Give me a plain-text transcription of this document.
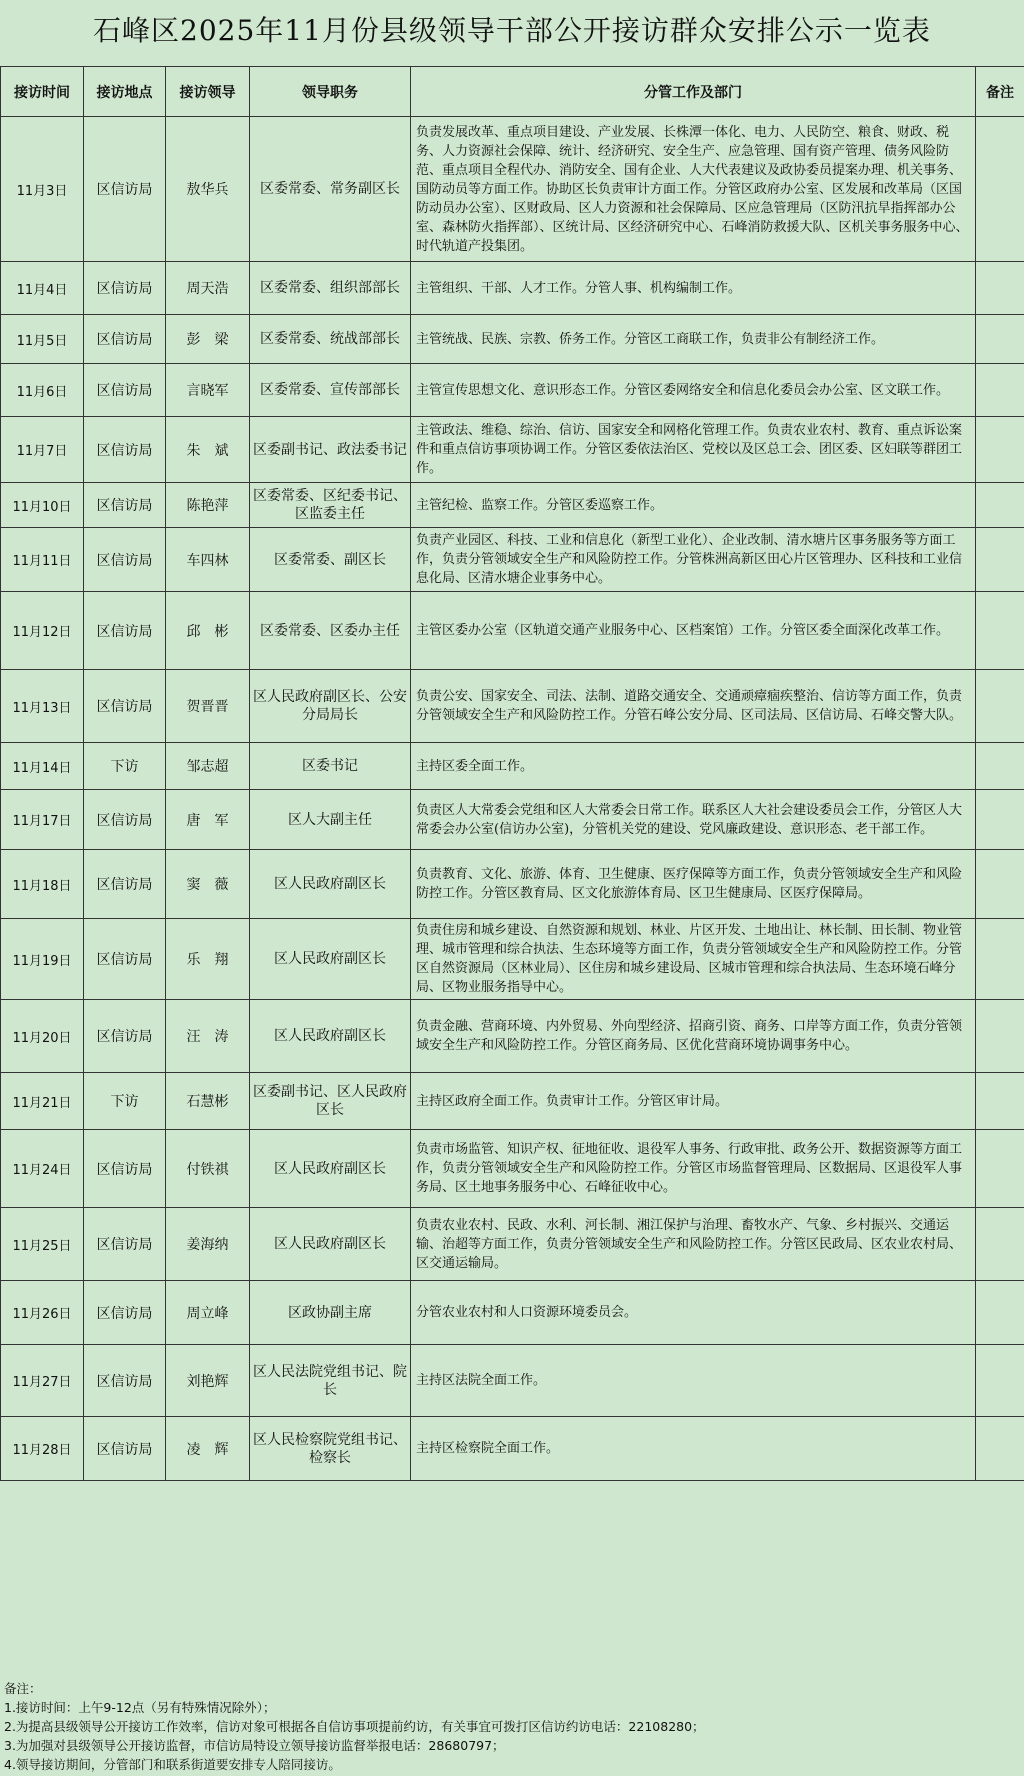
石峰区2025年11月份县级领导干部公开接访群众安排公示一览表
接访时间	接访地点	接访领导	领导职务	分管工作及部门	备注
11月3日	区信访局	敖华兵	区委常委、常务副区长	负责发展改革、重点项目建设、产业发展、长株潭一体化、电力、人民防空、粮食、财政、税务、人力资源社会保障、统计、经济研究、安全生产、应急管理、国有资产管理、债务风险防范、重点项目全程代办、消防安全、国有企业、人大代表建议及政协委员提案办理、机关事务、国防动员等方面工作。协助区长负责审计方面工作。分管区政府办公室、区发展和改革局（区国防动员办公室）、区财政局、区人力资源和社会保障局、区应急管理局（区防汛抗旱指挥部办公室、森林防火指挥部）、区统计局、区经济研究中心、石峰消防救援大队、区机关事务服务中心、时代轨道产投集团。	
11月4日	区信访局	周天浩	区委常委、组织部部长	主管组织、干部、人才工作。分管人事、机构编制工作。	
11月5日	区信访局	彭　梁	区委常委、统战部部长	主管统战、民族、宗教、侨务工作。分管区工商联工作，负责非公有制经济工作。	
11月6日	区信访局	言晓军	区委常委、宣传部部长	主管宣传思想文化、意识形态工作。分管区委网络安全和信息化委员会办公室、区文联工作。	
11月7日	区信访局	朱　斌	区委副书记、政法委书记	主管政法、维稳、综治、信访、国家安全和网格化管理工作。负责农业农村、教育、重点诉讼案件和重点信访事项协调工作。分管区委依法治区、党校以及区总工会、团区委、区妇联等群团工作。	
11月10日	区信访局	陈艳萍	区委常委、区纪委书记、区监委主任	主管纪检、监察工作。分管区委巡察工作。	
11月11日	区信访局	车四林	区委常委、副区长	负责产业园区、科技、工业和信息化（新型工业化）、企业改制、清水塘片区事务服务等方面工作，负责分管领域安全生产和风险防控工作。分管株洲高新区田心片区管理办、区科技和工业信息化局、区清水塘企业事务中心。	
11月12日	区信访局	邱　彬	区委常委、区委办主任	主管区委办公室（区轨道交通产业服务中心、区档案馆）工作。分管区委全面深化改革工作。	
11月13日	区信访局	贺晋晋	区人民政府副区长、公安分局局长	负责公安、国家安全、司法、法制、道路交通安全、交通顽瘴痼疾整治、信访等方面工作，负责分管领域安全生产和风险防控工作。分管石峰公安分局、区司法局、区信访局、石峰交警大队。	
11月14日	下访	邹志超	区委书记	主持区委全面工作。	
11月17日	区信访局	唐　军	区人大副主任	负责区人大常委会党组和区人大常委会日常工作。联系区人大社会建设委员会工作，分管区人大常委会办公室(信访办公室)，分管机关党的建设、党风廉政建设、意识形态、老干部工作。	
11月18日	区信访局	窦　薇	区人民政府副区长	负责教育、文化、旅游、体育、卫生健康、医疗保障等方面工作，负责分管领域安全生产和风险防控工作。分管区教育局、区文化旅游体育局、区卫生健康局、区医疗保障局。	
11月19日	区信访局	乐　翔	区人民政府副区长	负责住房和城乡建设、自然资源和规划、林业、片区开发、土地出让、林长制、田长制、物业管理、城市管理和综合执法、生态环境等方面工作，负责分管领域安全生产和风险防控工作。分管区自然资源局（区林业局）、区住房和城乡建设局、区城市管理和综合执法局、生态环境石峰分局、区物业服务指导中心。	
11月20日	区信访局	汪　涛	区人民政府副区长	负责金融、营商环境、内外贸易、外向型经济、招商引资、商务、口岸等方面工作，负责分管领域安全生产和风险防控工作。分管区商务局、区优化营商环境协调事务中心。	
11月21日	下访	石慧彬	区委副书记、区人民政府区长	主持区政府全面工作。负责审计工作。分管区审计局。	
11月24日	区信访局	付铁祺	区人民政府副区长	负责市场监管、知识产权、征地征收、退役军人事务、行政审批、政务公开、数据资源等方面工作，负责分管领域安全生产和风险防控工作。分管区市场监督管理局、区数据局、区退役军人事务局、区土地事务服务中心、石峰征收中心。	
11月25日	区信访局	姜海纳	区人民政府副区长	负责农业农村、民政、水利、河长制、湘江保护与治理、畜牧水产、气象、乡村振兴、交通运输、治超等方面工作，负责分管领域安全生产和风险防控工作。分管区民政局、区农业农村局、区交通运输局。	
11月26日	区信访局	周立峰	区政协副主席	分管农业农村和人口资源环境委员会。	
11月27日	区信访局	刘艳辉	区人民法院党组书记、院长	主持区法院全面工作。	
11月28日	区信访局	凌　辉	区人民检察院党组书记、检察长	主持区检察院全面工作。	
备注：
1.接访时间：上午9-12点（另有特殊情况除外）；
2.为提高县级领导公开接访工作效率，信访对象可根据各自信访事项提前约访，有关事宜可拨打区信访约访电话：22108280；
3.为加强对县级领导公开接访监督，市信访局特设立领导接访监督举报电话：28680797；
4.领导接访期间，分管部门和联系街道要安排专人陪同接访。
